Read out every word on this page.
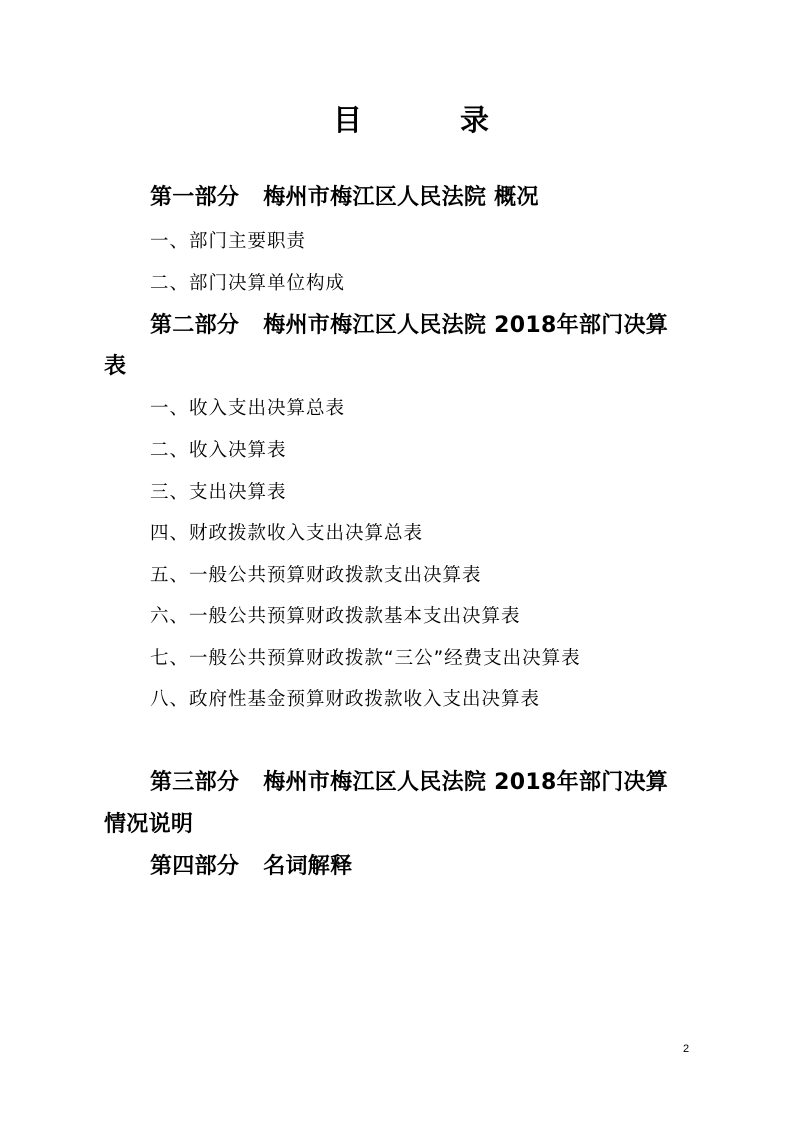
目	录
第一部分 梅州市梅江区人民法院 概况
一、部门主要职责
二、部门决算单位构成
第二部分 梅州市梅江区人民法院 2018年部门决算
表
一、收入支出决算总表
二、收入决算表
三、支出决算表
四、财政拨款收入支出决算总表
五、一般公共预算财政拨款支出决算表
六、一般公共预算财政拨款基本支出决算表
七、一般公共预算财政拨款“三公”经费支出决算表
八、政府性基金预算财政拨款收入支出决算表
第三部分 梅州市梅江区人民法院 2018年部门决算
情况说明
第四部分 名词解释
2
